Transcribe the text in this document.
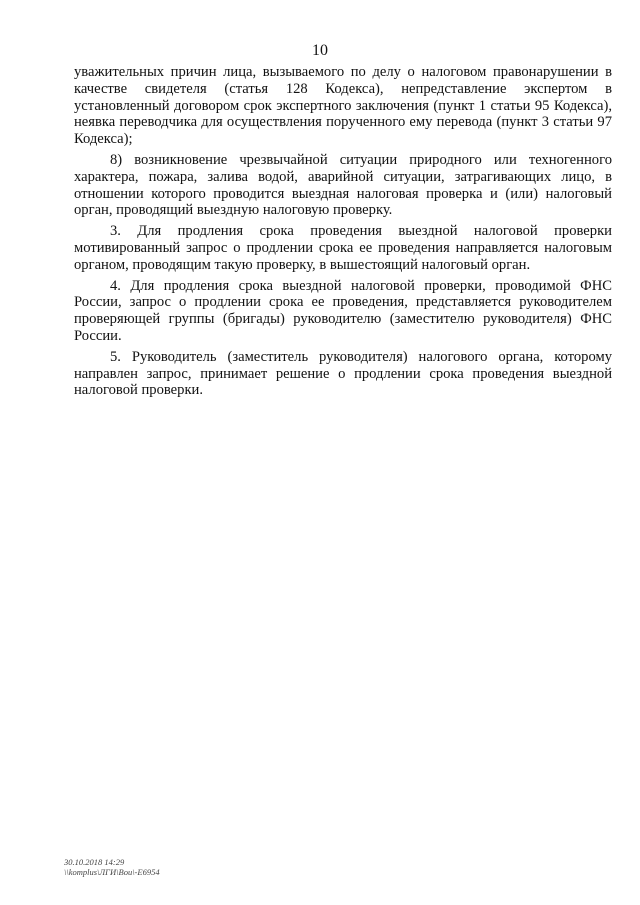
10

уважительных причин лица, вызываемого по делу о налоговом правонарушении в качестве свидетеля (статья 128 Кодекса), непредставление экспертом в установленный договором срок экспертного заключения (пункт 1 статьи 95 Кодекса), неявка переводчика для осуществления порученного ему перевода (пункт 3 статьи 97 Кодекса);

8) возникновение чрезвычайной ситуации природного или техногенного характера, пожара, залива водой, аварийной ситуации, затрагивающих лицо, в отношении которого проводится выездная налоговая проверка и (или) налоговый орган, проводящий выездную налоговую проверку.

3. Для продления срока проведения выездной налоговой проверки мотивированный запрос о продлении срока ее проведения направляется налоговым органом, проводящим такую проверку, в вышестоящий налоговый орган.

4. Для продления срока выездной налоговой проверки, проводимой ФНС России, запрос о продлении срока ее проведения, представляется руководителем проверяющей группы (бригады) руководителю (заместителю руководителя) ФНС России.

5. Руководитель (заместитель руководителя) налогового органа, которому направлен запрос, принимает решение о продлении срока проведения выездной налоговой проверки.

30.10.2018 14:29
\\komplus\ЛГИ\Вои\-Е6954
